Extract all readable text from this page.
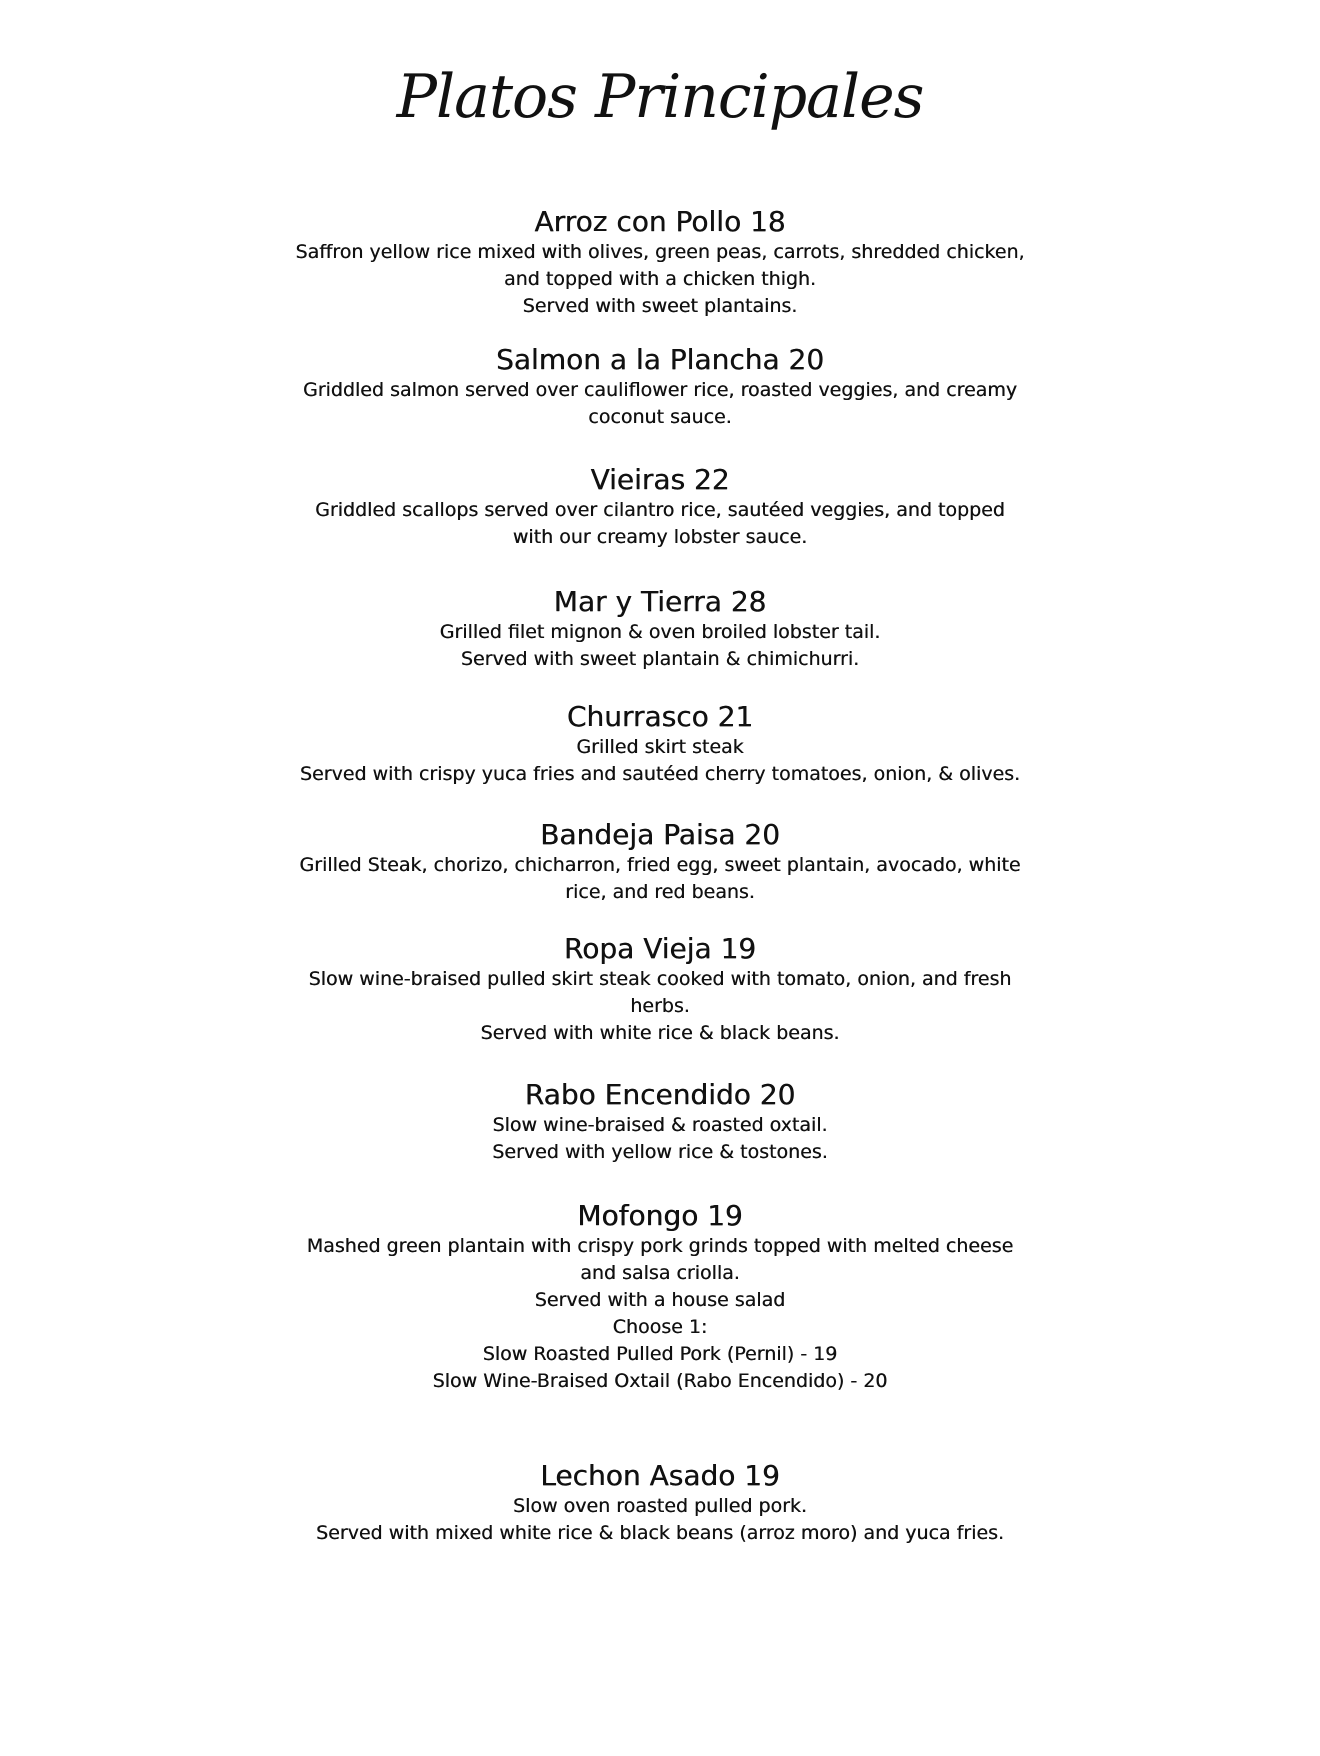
Platos Principales
Arroz con Pollo 18

Saffron yellow rice mixed with olives, green peas, carrots, shredded chicken,

and topped with a chicken thigh.

Served with sweet plantains.

Salmon a la Plancha 20

Griddled salmon served over cauliflower rice, roasted veggies, and creamy

coconut sauce.

Vieiras 22

Griddled scallops served over cilantro rice, sautéed veggies, and topped

with our creamy lobster sauce.

Mar y Tierra 28

Grilled filet mignon & oven broiled lobster tail.

Served with sweet plantain & chimichurri.

Churrasco 21

Grilled skirt steak

Served with crispy yuca fries and sautéed cherry tomatoes, onion, & olives.

Bandeja Paisa 20

Grilled Steak, chorizo, chicharron, fried egg, sweet plantain, avocado, white

rice, and red beans.

Ropa Vieja 19

Slow wine-braised pulled skirt steak cooked with tomato, onion, and fresh

herbs.

Served with white rice & black beans.

Rabo Encendido 20

Slow wine-braised & roasted oxtail.

Served with yellow rice & tostones.

Mofongo 19

Mashed green plantain with crispy pork grinds topped with melted cheese

and salsa criolla.

Served with a house salad

Choose 1:

Slow Roasted Pulled Pork (Pernil) - 19

Slow Wine-Braised Oxtail (Rabo Encendido) - 20

Lechon Asado 19

Slow oven roasted pulled pork.

Served with mixed white rice & black beans (arroz moro) and yuca fries.
